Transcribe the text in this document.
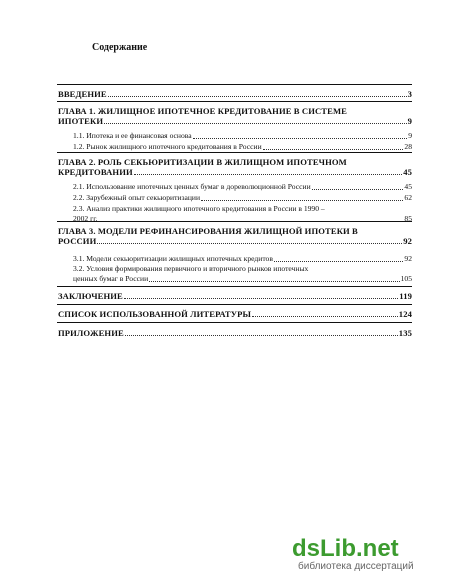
Содержание
ВВЕДЕНИЕ	3
ГЛАВА 1. ЖИЛИЩНОЕ ИПОТЕЧНОЕ КРЕДИТОВАНИЕ В СИСТЕМЕ
ИПОТЕКИ	9
1.1. Ипотека и ее финансовая основа	9
1.2. Рынок жилищного ипотечного кредитования в России	28
ГЛАВА 2. РОЛЬ СЕКЬЮРИТИЗАЦИИ В ЖИЛИЩНОМ ИПОТЕЧНОМ
КРЕДИТОВАНИИ	45
2.1. Использование ипотечных ценных бумаг в дореволюционной России	45
2.2. Зарубежный опыт секьюритизации	62
2.3. Анализ практики жилищного ипотечного кредитования в России в 1990 –
2002 гг.	85
ГЛАВА 3. МОДЕЛИ РЕФИНАНСИРОВАНИЯ ЖИЛИЩНОЙ ИПОТЕКИ В
РОССИИ	92
3.1. Модели секьюритизации жилищных ипотечных кредитов	92
3.2. Условия формирования первичного и вторичного рынков ипотечных
ценных бумаг в России	105
ЗАКЛЮЧЕНИЕ	119
СПИСОК ИСПОЛЬЗОВАННОЙ ЛИТЕРАТУРЫ	124
ПРИЛОЖЕНИЕ	135
dsLib.net
библиотека диссертаций
